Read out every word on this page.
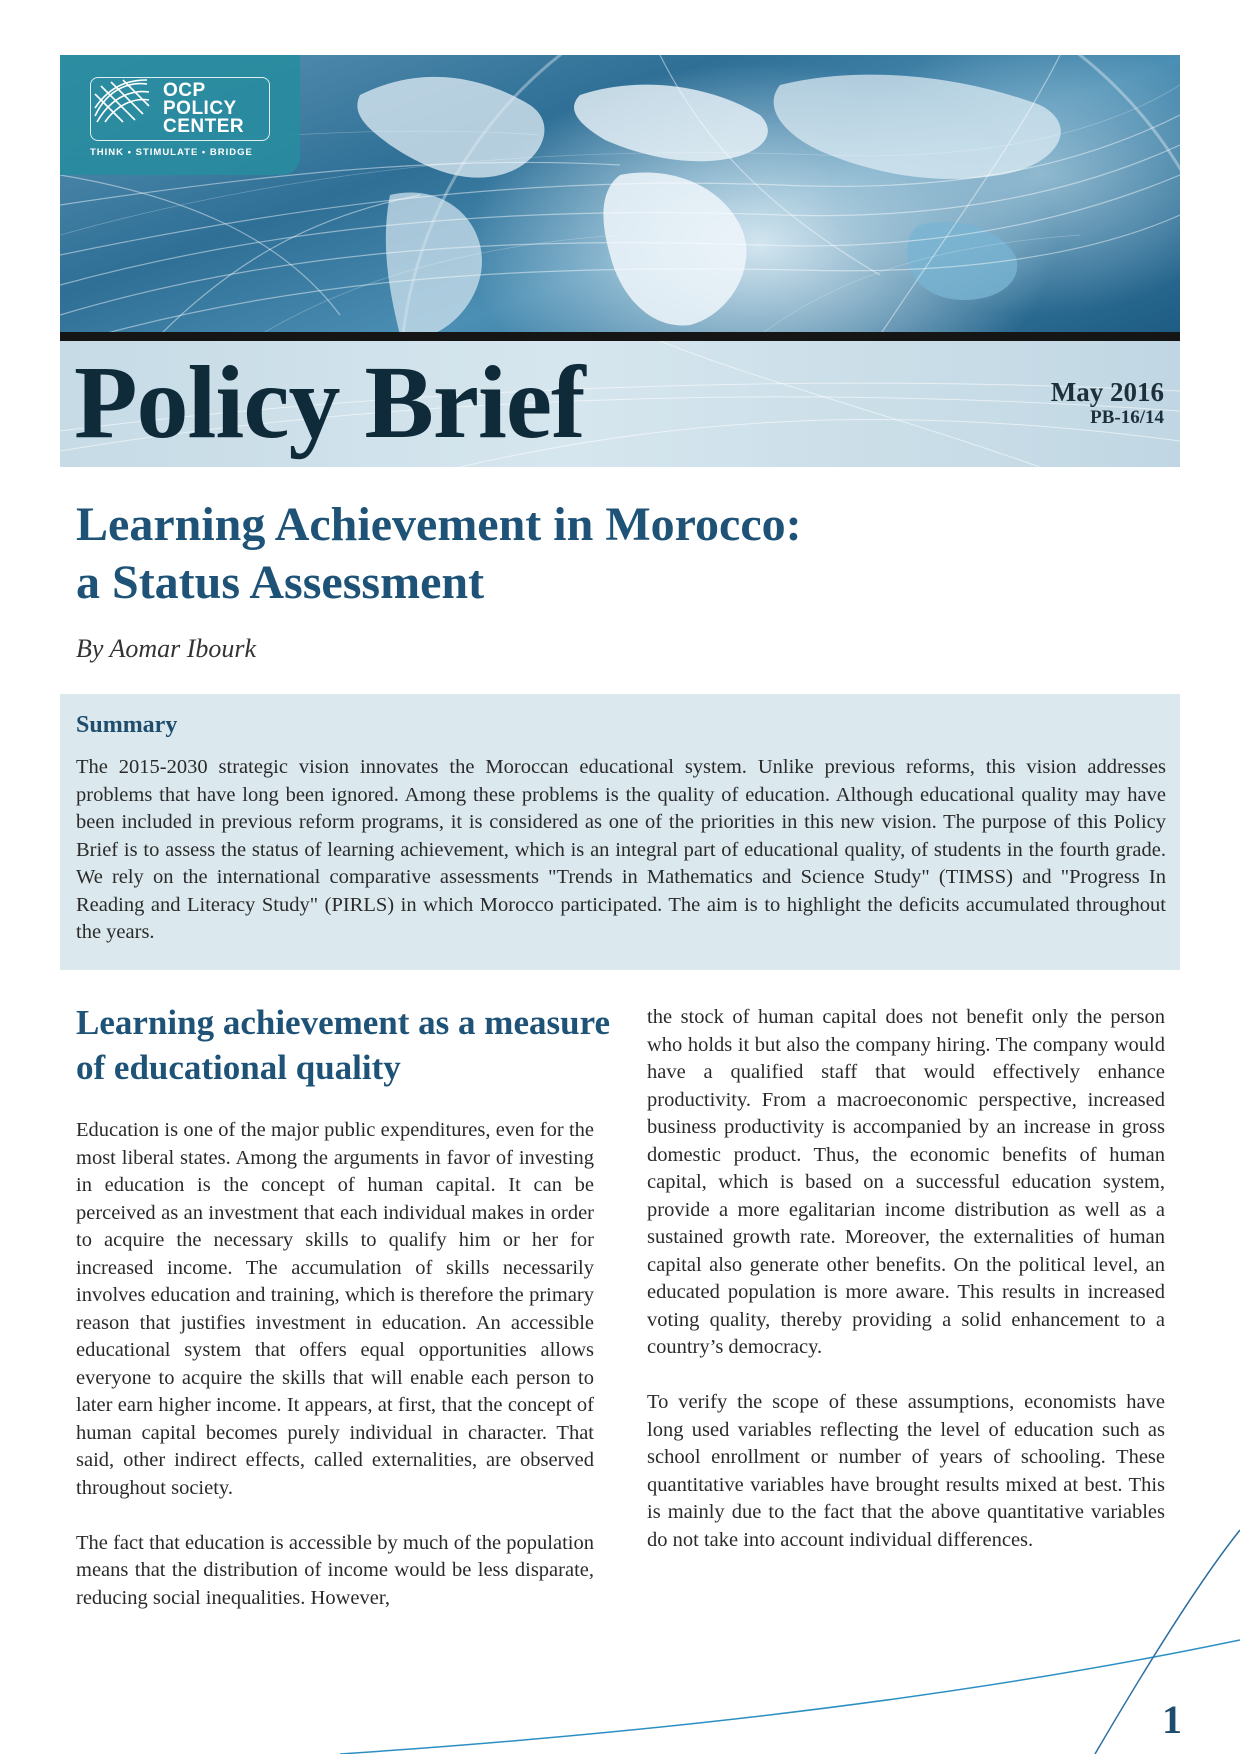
OCP
POLICY
CENTER
THINK • STIMULATE • BRIDGE
Policy Brief	May 2016
PB-16/14
Learning Achievement in Morocco:
a Status Assessment
By Aomar Ibourk
Summary
The 2015-2030 strategic vision innovates the Moroccan educational system. Unlike previous reforms, this vision addresses problems that have long been ignored. Among these problems is the quality of education. Although educational quality may have been included in previous reform programs, it is considered as one of the priorities in this new vision. The purpose of this Policy Brief is to assess the status of learning achievement, which is an integral part of educational quality, of students in the fourth grade. We rely on the international comparative assessments "Trends in Mathematics and Science Study" (TIMSS) and "Progress In Reading and Literacy Study" (PIRLS) in which Morocco participated. The aim is to highlight the deficits accumulated throughout the years.
Learning achievement as a measure of educational quality

Education is one of the major public expenditures, even for the most liberal states. Among the arguments in favor of investing in education is the concept of human capital. It can be perceived as an investment that each individual makes in order to acquire the necessary skills to qualify him or her for increased income. The accumulation of skills necessarily involves education and training, which is therefore the primary reason that justifies investment in education. An accessible educational system that offers equal opportunities allows everyone to acquire the skills that will enable each person to later earn higher income. It appears, at first, that the concept of human capital becomes purely individual in character. That said, other indirect effects, called externalities, are observed throughout society.

The fact that education is accessible by much of the population means that the distribution of income would be less disparate, reducing social inequalities. However,

the stock of human capital does not benefit only the person who holds it but also the company hiring. The company would have a qualified staff that would effectively enhance productivity. From a macroeconomic perspective, increased business productivity is accompanied by an increase in gross domestic product. Thus, the economic benefits of human capital, which is based on a successful education system, provide a more egalitarian income distribution as well as a sustained growth rate. Moreover, the externalities of human capital also generate other benefits. On the political level, an educated population is more aware. This results in increased voting quality, thereby providing a solid enhancement to a country’s democracy.

To verify the scope of these assumptions, economists have long used variables reflecting the level of education such as school enrollment or number of years of schooling. These quantitative variables have brought results mixed at best. This is mainly due to the fact that the above quantitative variables do not take into account individual differences.

1
